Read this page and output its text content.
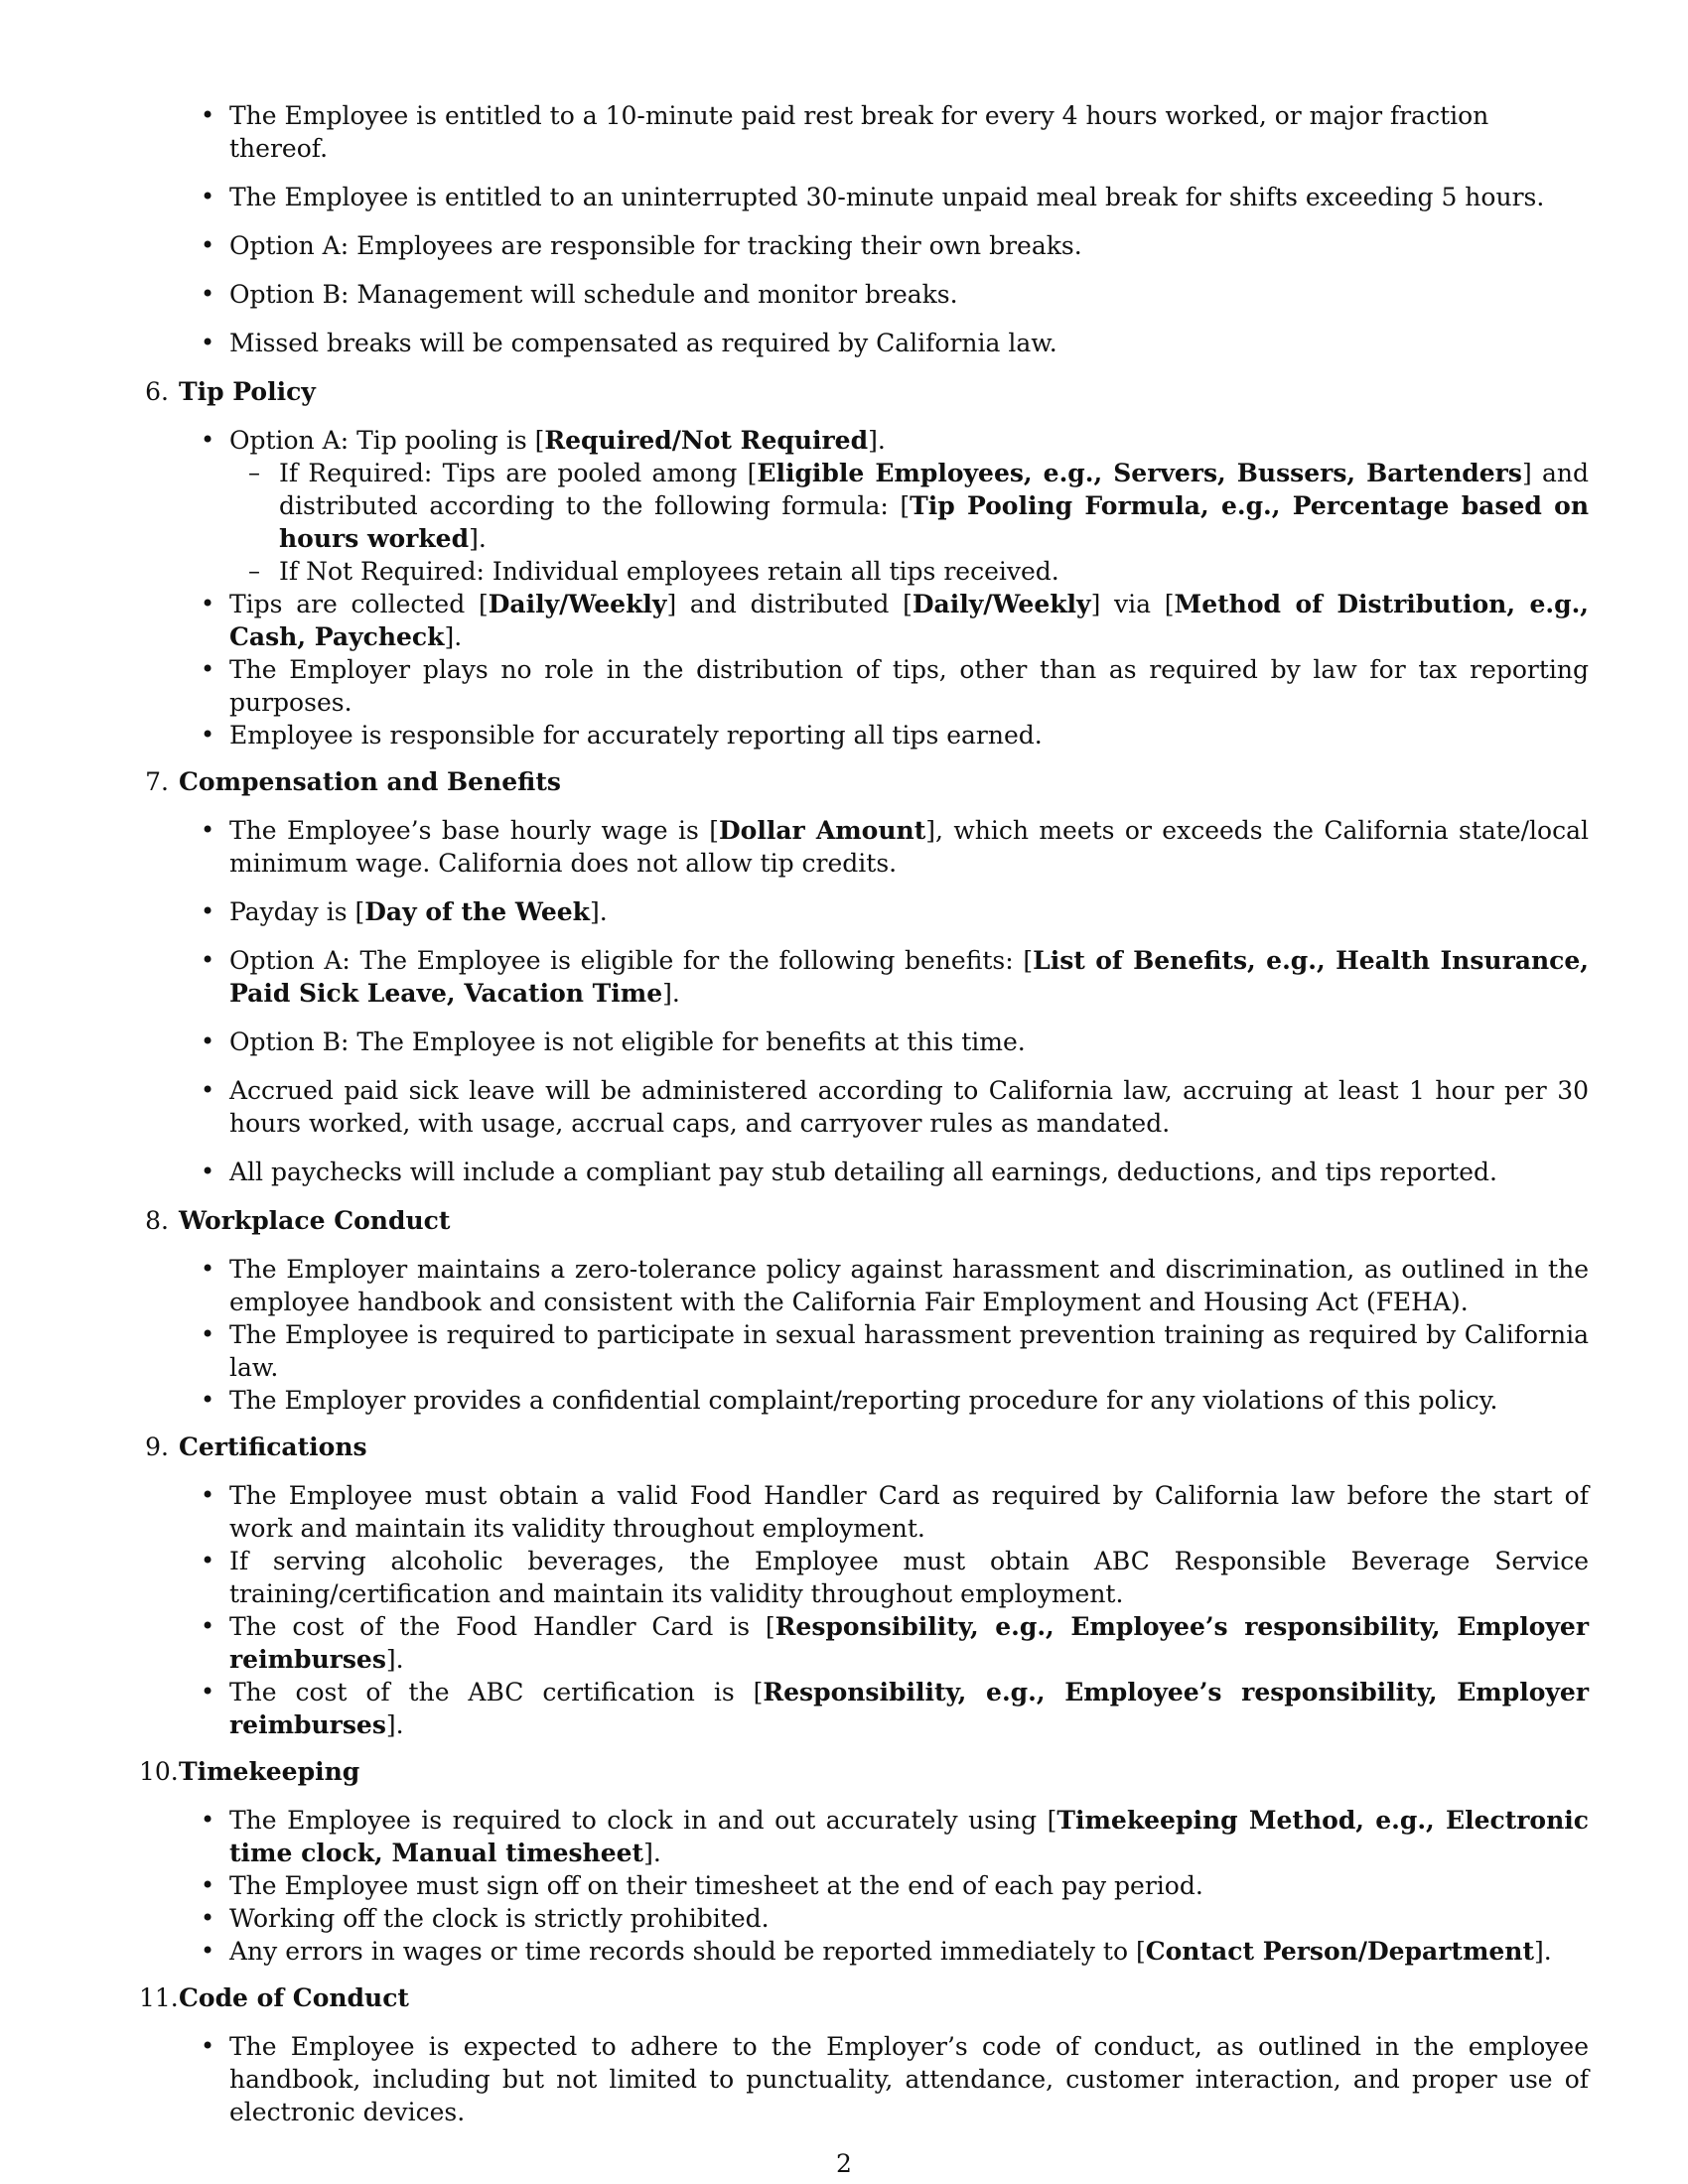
• The Employee is entitled to a 10-minute paid rest break for every 4 hours worked, or major fraction thereof.
• The Employee is entitled to an uninterrupted 30-minute unpaid meal break for shifts exceeding 5 hours.
• Option A: Employees are responsible for tracking their own breaks.
• Option B: Management will schedule and monitor breaks.
• Missed breaks will be compensated as required by California law.
6. Tip Policy
• Option A: Tip pooling is [Required/Not Required].
– If Required: Tips are pooled among [Eligible Employees, e.g., Servers, Bussers, Bartenders] and distributed according to the following formula: [Tip Pooling Formula, e.g., Percentage based on hours worked].
– If Not Required: Individual employees retain all tips received.
• Tips are collected [Daily/Weekly] and distributed [Daily/Weekly] via [Method of Distribution, e.g., Cash, Paycheck].
• The Employer plays no role in the distribution of tips, other than as required by law for tax reporting purposes.
• Employee is responsible for accurately reporting all tips earned.
7. Compensation and Benefits
• The Employee’s base hourly wage is [Dollar Amount], which meets or exceeds the California state/local minimum wage. California does not allow tip credits.
• Payday is [Day of the Week].
• Option A: The Employee is eligible for the following benefits: [List of Benefits, e.g., Health Insurance, Paid Sick Leave, Vacation Time].
• Option B: The Employee is not eligible for benefits at this time.
• Accrued paid sick leave will be administered according to California law, accruing at least 1 hour per 30 hours worked, with usage, accrual caps, and carryover rules as mandated.
• All paychecks will include a compliant pay stub detailing all earnings, deductions, and tips reported.
8. Workplace Conduct
• The Employer maintains a zero-tolerance policy against harassment and discrimination, as outlined in the employee handbook and consistent with the California Fair Employment and Housing Act (FEHA).
• The Employee is required to participate in sexual harassment prevention training as required by California law.
• The Employer provides a confidential complaint/reporting procedure for any violations of this policy.
9. Certifications
• The Employee must obtain a valid Food Handler Card as required by California law before the start of work and maintain its validity throughout employment.
• If serving alcoholic beverages, the Employee must obtain ABC Responsible Beverage Service training/certification and maintain its validity throughout employment.
• The cost of the Food Handler Card is [Responsibility, e.g., Employee’s responsibility, Employer reimburses].
• The cost of the ABC certification is [Responsibility, e.g., Employee’s responsibility, Employer reimburses].
10. Timekeeping
• The Employee is required to clock in and out accurately using [Timekeeping Method, e.g., Electronic time clock, Manual timesheet].
• The Employee must sign off on their timesheet at the end of each pay period.
• Working off the clock is strictly prohibited.
• Any errors in wages or time records should be reported immediately to [Contact Person/Department].
11. Code of Conduct
• The Employee is expected to adhere to the Employer’s code of conduct, as outlined in the employee handbook, including but not limited to punctuality, attendance, customer interaction, and proper use of electronic devices.
2
